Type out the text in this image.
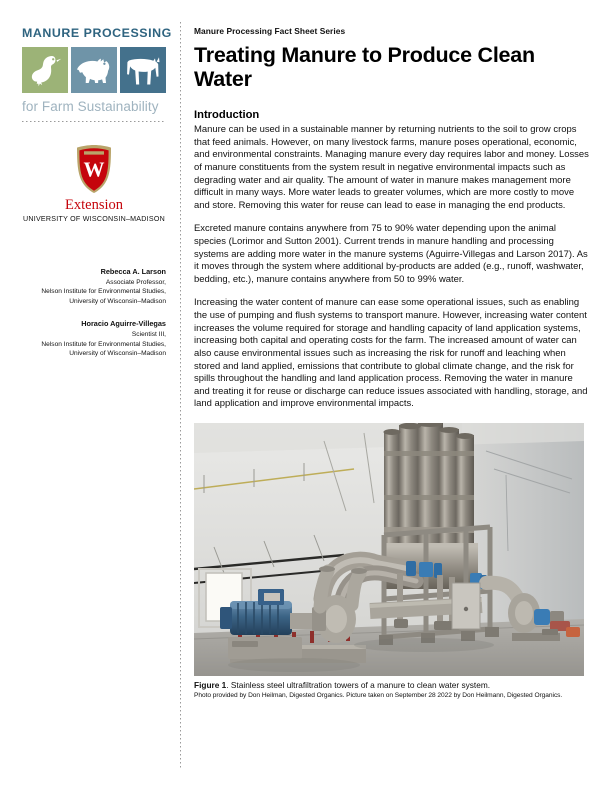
MANURE PROCESSING
for Farm Sustainability
W
Extension
UNIVERSITY OF WISCONSIN–MADISON
Rebecca A. Larson
Associate Professor,
Nelson Institute for Environmental Studies,
University of Wisconsin–Madison
Horacio Aguirre-Villegas
Scientist III,
Nelson Institute for Environmental Studies,
University of Wisconsin–Madison
Manure Processing Fact Sheet Series
Treating Manure to Produce Clean Water
Introduction

Manure can be used in a sustainable manner by returning nutrients to the soil to grow crops that feed animals. However, on many livestock farms, manure poses operational, economic, and environmental constraints. Managing manure every day requires labor and money. Losses of manure constituents from the system result in negative environmental impacts such as degrading water and air quality. The amount of water in manure makes management more difficult in many ways. More water leads to greater volumes, which are more costly to move and store. Removing this water for reuse can lead to ease in managing the end products.

Excreted manure contains anywhere from 75 to 90% water depending upon the animal species (Lorimor and Sutton 2001). Current trends in manure handling and processing systems are adding more water in the manure systems (Aguirre-Villegas and Larson 2017). As it moves through the system where additional by-products are added (e.g., runoff, washwater, bedding, etc.), manure contains anywhere from 50 to 99% water.

Increasing the water content of manure can ease some operational issues, such as enabling the use of pumping and flush systems to transport manure. However, increasing water content increases the volume required for storage and handling capacity of land application systems, increasing both capital and operating costs for the farm. The increased amount of water can also cause environmental issues such as increasing the risk for runoff and leaching when stored and land applied, emissions that contribute to global climate change, and the risk for spills throughout the handling and land application process. Removing the water in manure and treating it for reuse or discharge can reduce issues associated with handling, storage, and land application and improve environmental impacts.

Figure 1. Stainless steel ultrafiltration towers of a manure to clean water system.
Photo provided by Don Heilman, Digested Organics. Picture taken on September 28 2022 by Don Heilmann, Digested Organics.
